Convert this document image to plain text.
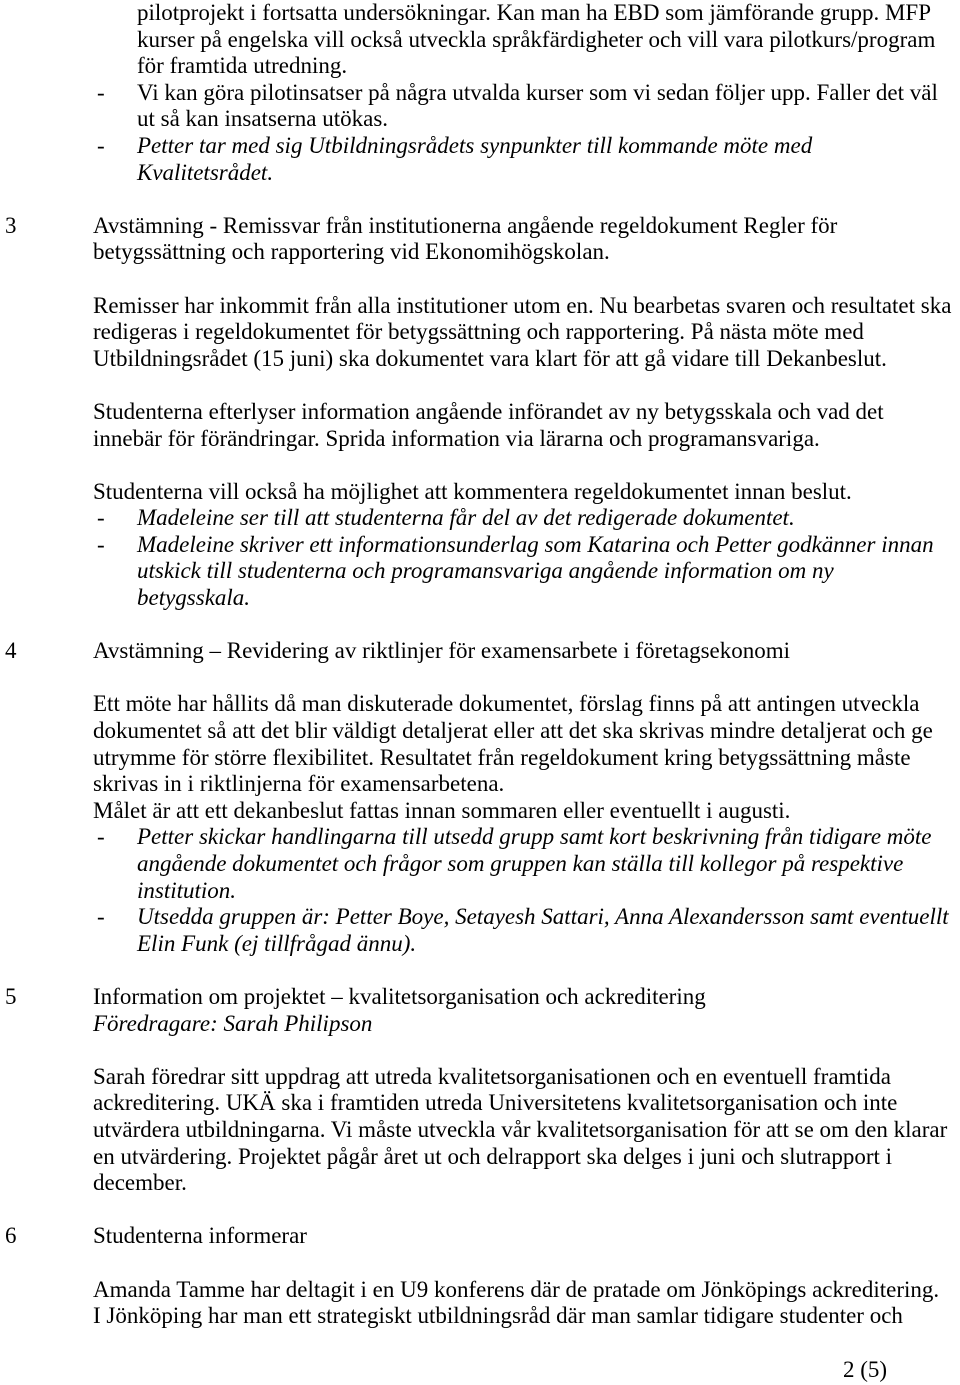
pilotprojekt i fortsatta undersökningar. Kan man ha EBD som jämförande grupp. MFP
kurser på engelska vill också utveckla språkfärdigheter och vill vara pilotkurs/program
för framtida utredning.
-	Vi kan göra pilotinsatser på några utvalda kurser som vi sedan följer upp. Faller det väl
ut så kan insatserna utökas.
-	Petter tar med sig Utbildningsrådets synpunkter till kommande möte med
Kvalitetsrådet.
3	Avstämning - Remissvar från institutionerna angående regeldokument Regler för
betygssättning och rapportering vid Ekonomihögskolan.
Remisser har inkommit från alla institutioner utom en. Nu bearbetas svaren och resultatet ska
redigeras i regeldokumentet för betygssättning och rapportering. På nästa möte med
Utbildningsrådet (15 juni) ska dokumentet vara klart för att gå vidare till Dekanbeslut.
Studenterna efterlyser information angående införandet av ny betygsskala och vad det
innebär för förändringar. Sprida information via lärarna och programansvariga.
Studenterna vill också ha möjlighet att kommentera regeldokumentet innan beslut.
-	Madeleine ser till att studenterna får del av det redigerade dokumentet.
-	Madeleine skriver ett informationsunderlag som Katarina och Petter godkänner innan
utskick till studenterna och programansvariga angående information om ny
betygsskala.
4	Avstämning – Revidering av riktlinjer för examensarbete i företagsekonomi
Ett möte har hållits då man diskuterade dokumentet, förslag finns på att antingen utveckla
dokumentet så att det blir väldigt detaljerat eller att det ska skrivas mindre detaljerat och ge
utrymme för större flexibilitet. Resultatet från regeldokument kring betygssättning måste
skrivas in i riktlinjerna för examensarbetena.
Målet är att ett dekanbeslut fattas innan sommaren eller eventuellt i augusti.
-	Petter skickar handlingarna till utsedd grupp samt kort beskrivning från tidigare möte
angående dokumentet och frågor som gruppen kan ställa till kollegor på respektive
institution.
-	Utsedda gruppen är: Petter Boye, Setayesh Sattari, Anna Alexandersson samt eventuellt
Elin Funk (ej tillfrågad ännu).
5	Information om projektet – kvalitetsorganisation och ackreditering
Föredragare: Sarah Philipson
Sarah föredrar sitt uppdrag att utreda kvalitetsorganisationen och en eventuell framtida
ackreditering. UKÄ ska i framtiden utreda Universitetens kvalitetsorganisation och inte
utvärdera utbildningarna. Vi måste utveckla vår kvalitetsorganisation för att se om den klarar
en utvärdering. Projektet pågår året ut och delrapport ska delges i juni och slutrapport i
december.
6	Studenterna informerar
Amanda Tamme har deltagit i en U9 konferens där de pratade om Jönköpings ackreditering.
I Jönköping har man ett strategiskt utbildningsråd där man samlar tidigare studenter och
2 (5)
